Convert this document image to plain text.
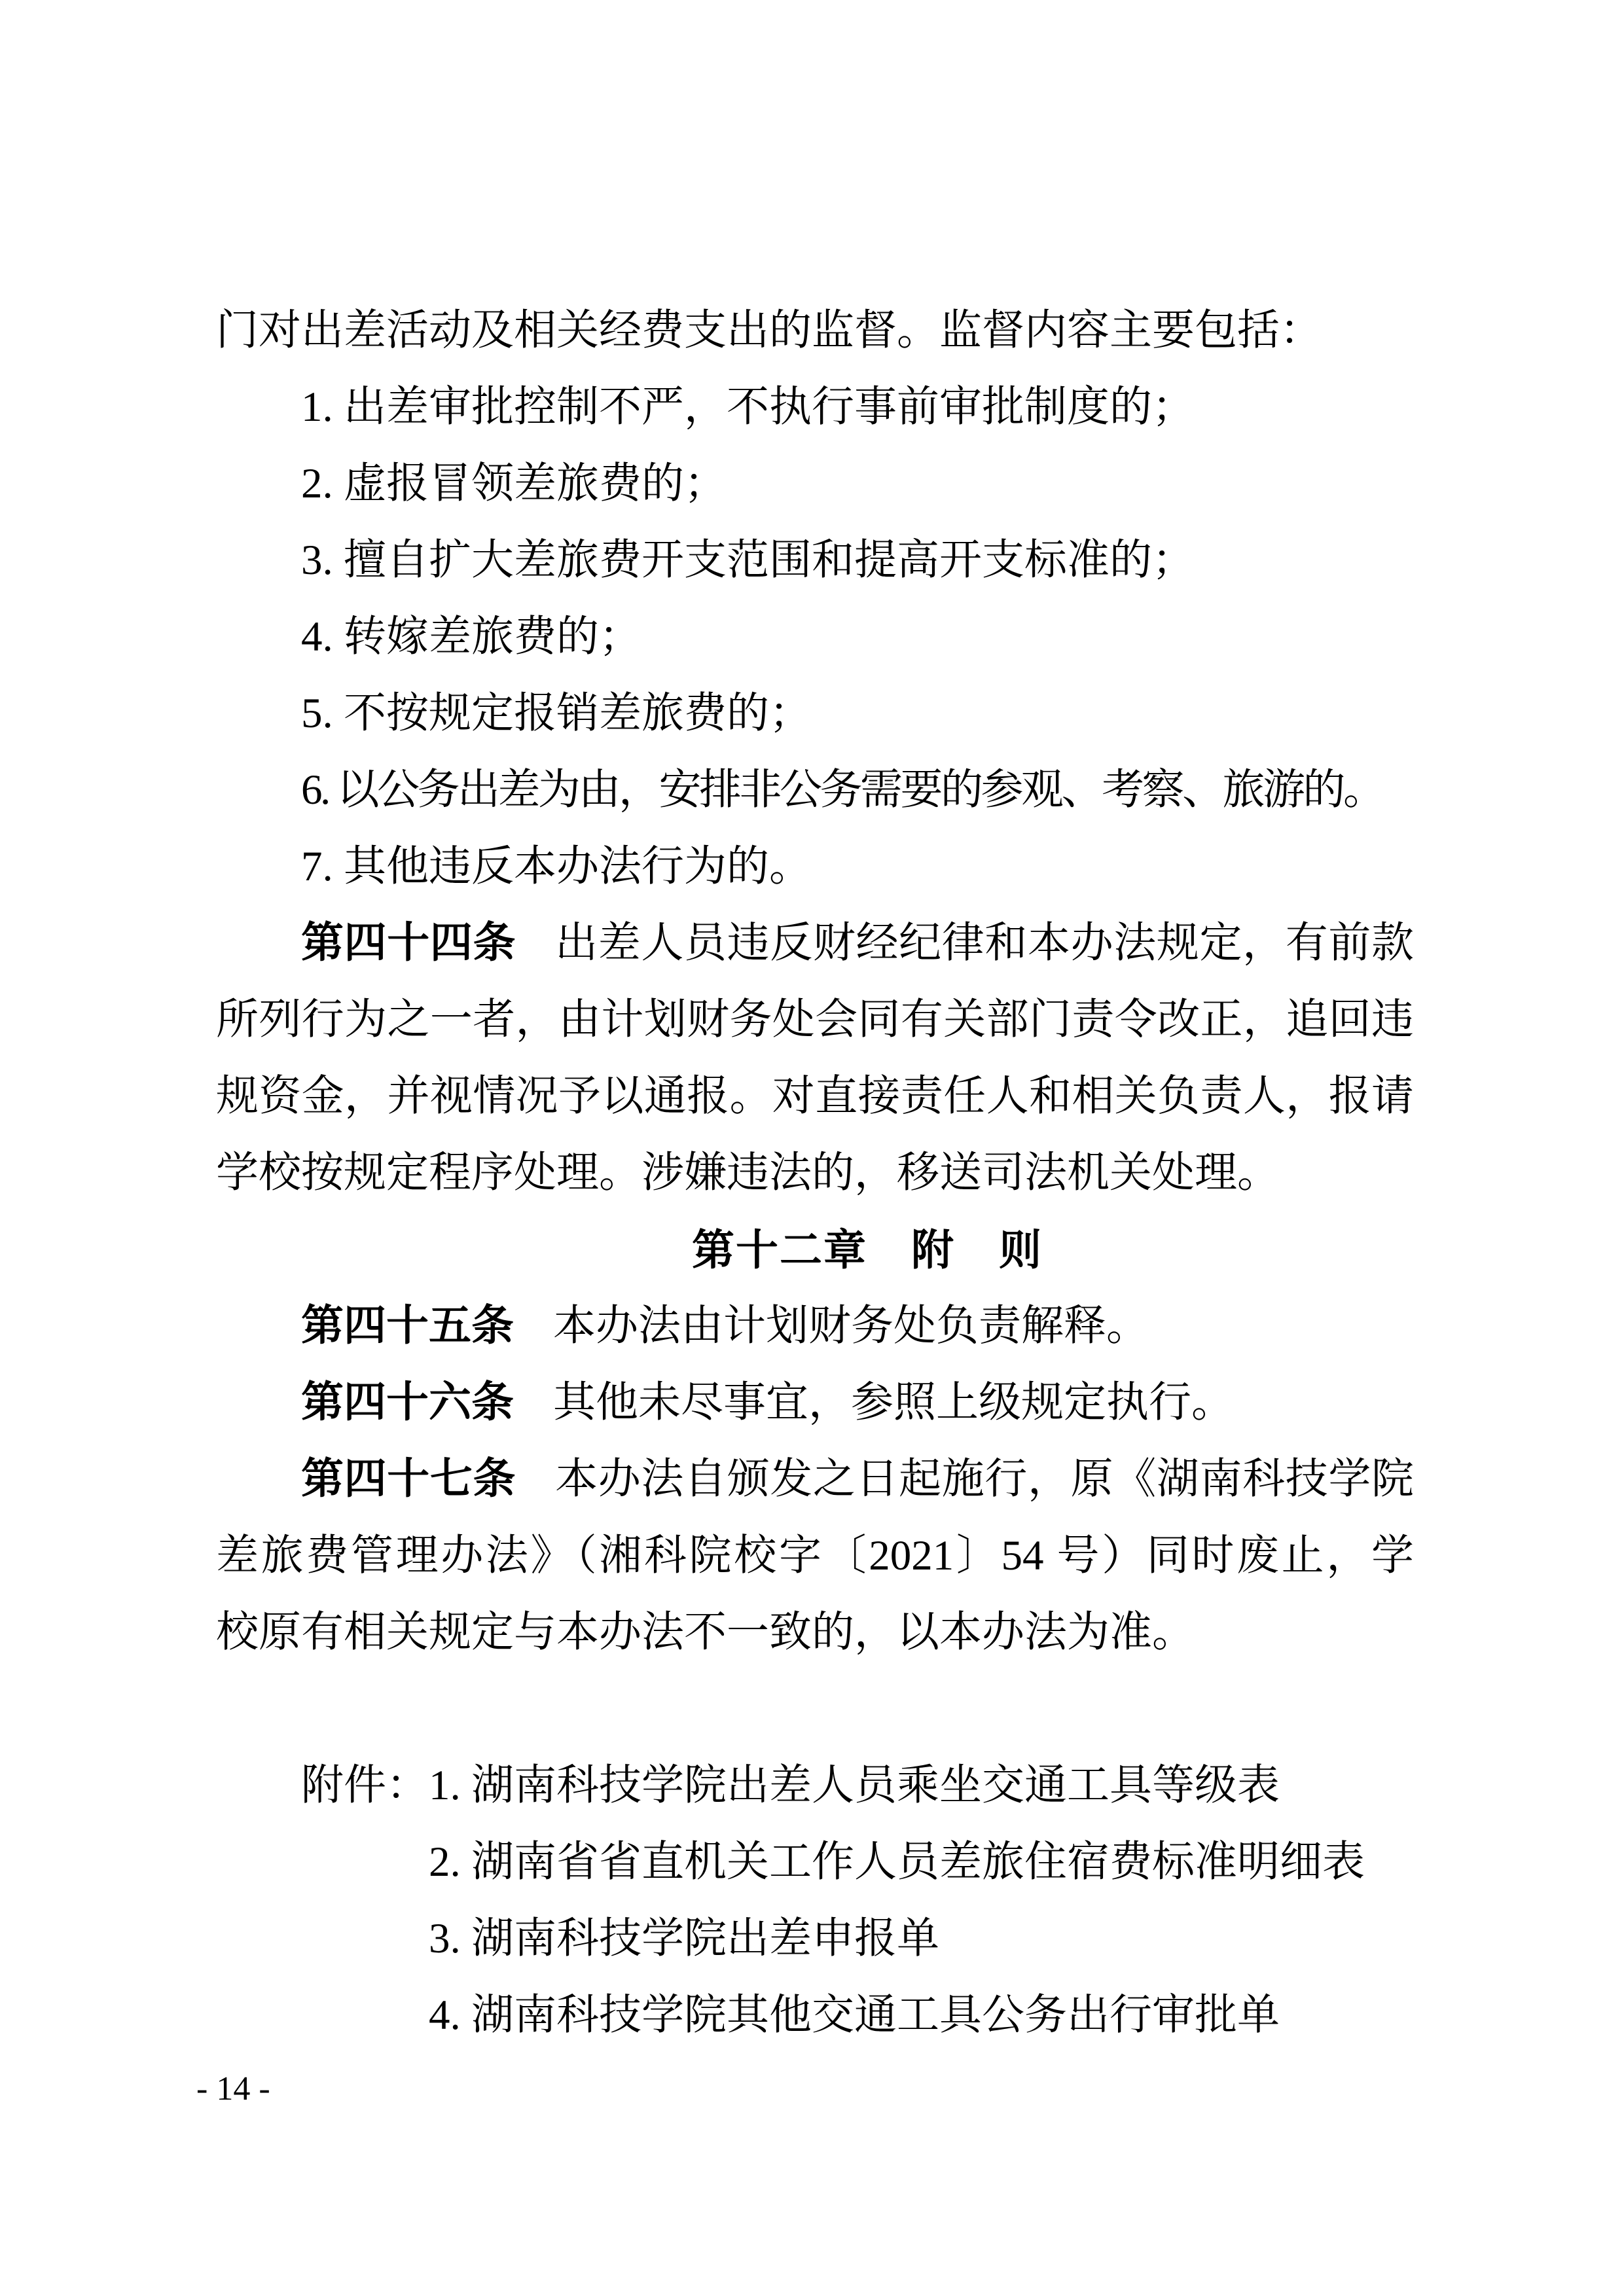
门对出差活动及相关经费支出的监督。监督内容主要包括：
1. 出差审批控制不严，不执行事前审批制度的；
2. 虚报冒领差旅费的；
3. 擅自扩大差旅费开支范围和提高开支标准的；
4. 转嫁差旅费的；
5. 不按规定报销差旅费的；
6. 以公务出差为由，安排非公务需要的参观、考察、旅游的。
7. 其他违反本办法行为的。
第四十四条 出差人员违反财经纪律和本办法规定，有前款
所列行为之一者，由计划财务处会同有关部门责令改正，追回违
规资金，并视情况予以通报。对直接责任人和相关负责人，报请
学校按规定程序处理。涉嫌违法的，移送司法机关处理。
第十二章　附　则
第四十五条 本办法由计划财务处负责解释。
第四十六条 其他未尽事宜，参照上级规定执行。
第四十七条 本办法自颁发之日起施行，原《湖南科技学院
差旅费管理办法》（湘科院校字〔2021〕54 号）同时废止，学
校原有相关规定与本办法不一致的，以本办法为准。
附件：1. 湖南科技学院出差人员乘坐交通工具等级表
2. 湖南省省直机关工作人员差旅住宿费标准明细表
3. 湖南科技学院出差申报单
4. 湖南科技学院其他交通工具公务出行审批单
- 14 -
